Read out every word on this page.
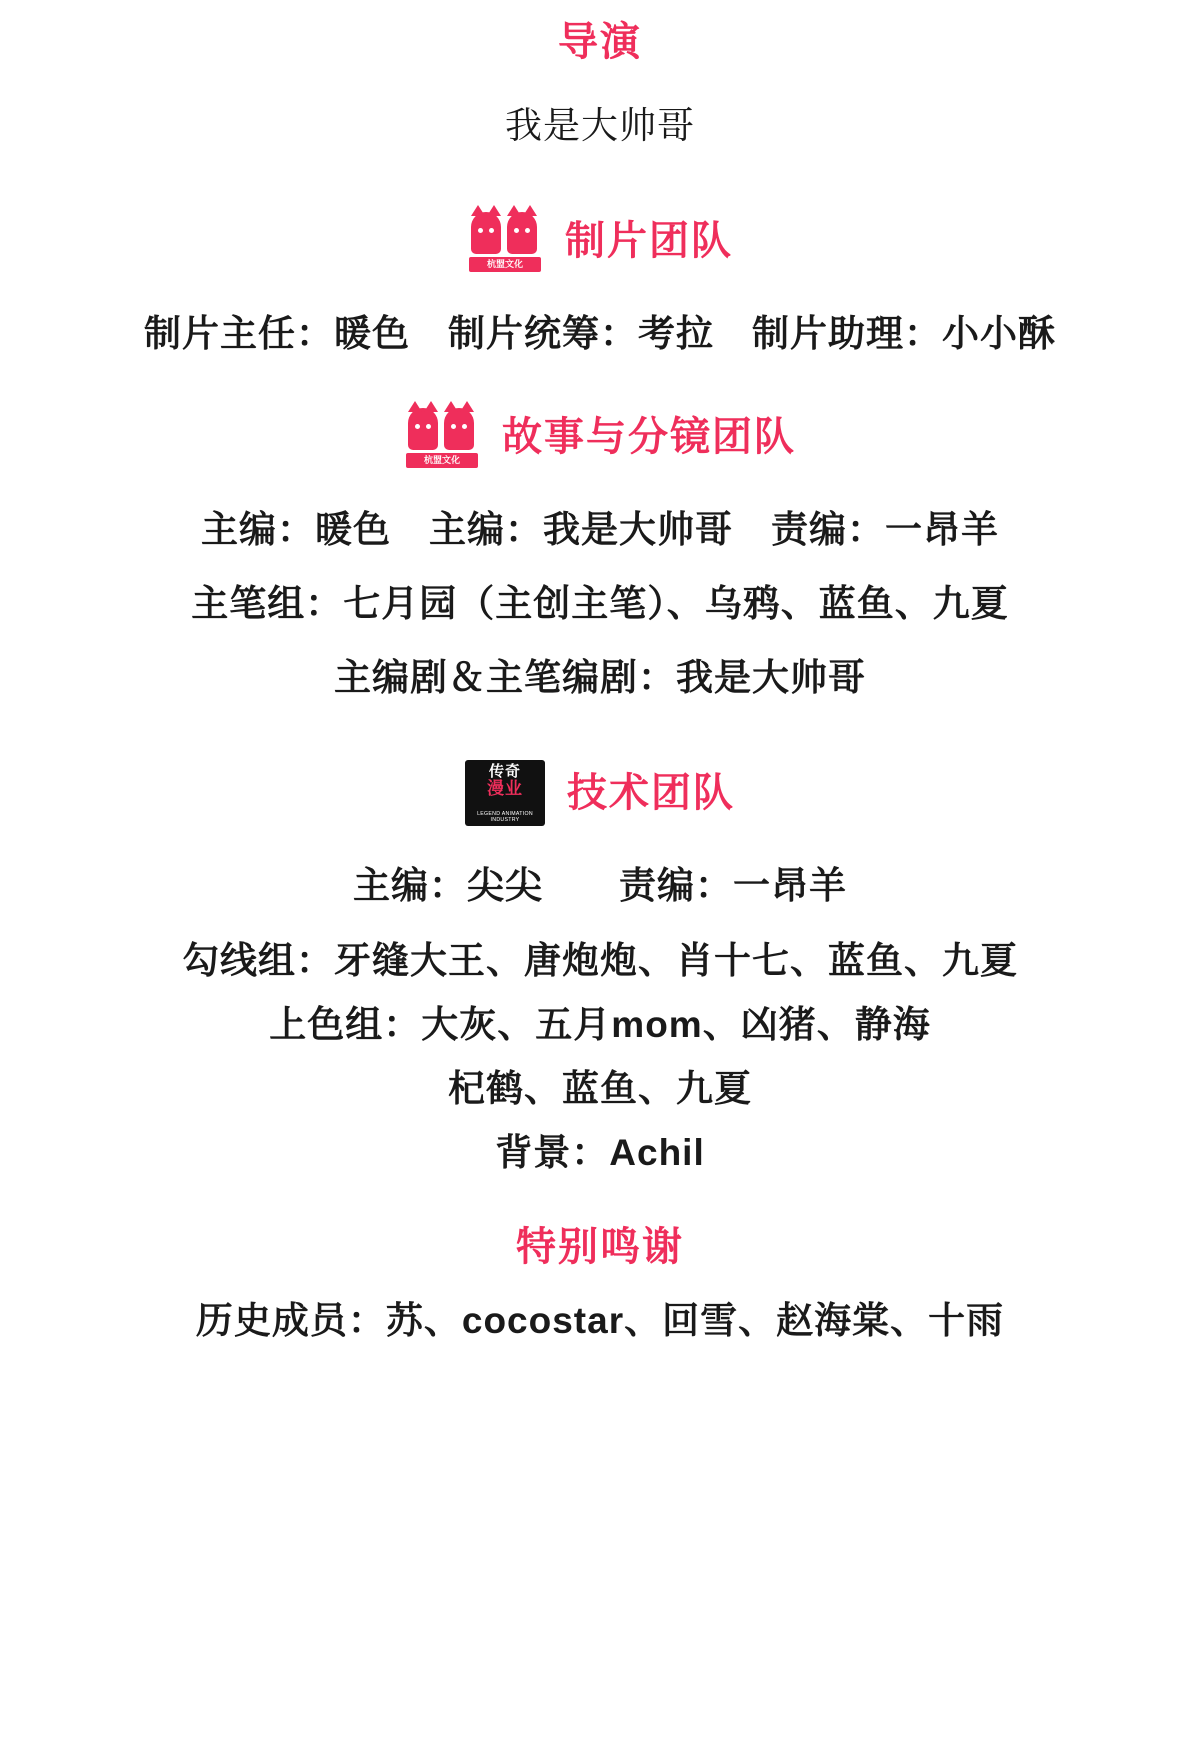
导演
我是大帅哥
杭盟文化
制片团队
制片主任：暖色　制片统筹：考拉　制片助理：小小酥
杭盟文化
故事与分镜团队
主编：暖色　主编：我是大帅哥　责编：一昂羊
主笔组：七月园（主创主笔）、乌鸦、蓝鱼、九夏
主编剧＆主笔编剧：我是大帅哥
传奇
漫业
LEGEND ANIMATION INDUSTRY
技术团队
主编：尖尖　　责编：一昂羊
勾线组：牙缝大王、唐炮炮、肖十七、蓝鱼、九夏
上色组：大灰、五月mom、凶猪、静海
杞鹤、蓝鱼、九夏
背景：Achil
特别鸣谢
历史成员：苏、cocostar、回雪、赵海棠、十雨
